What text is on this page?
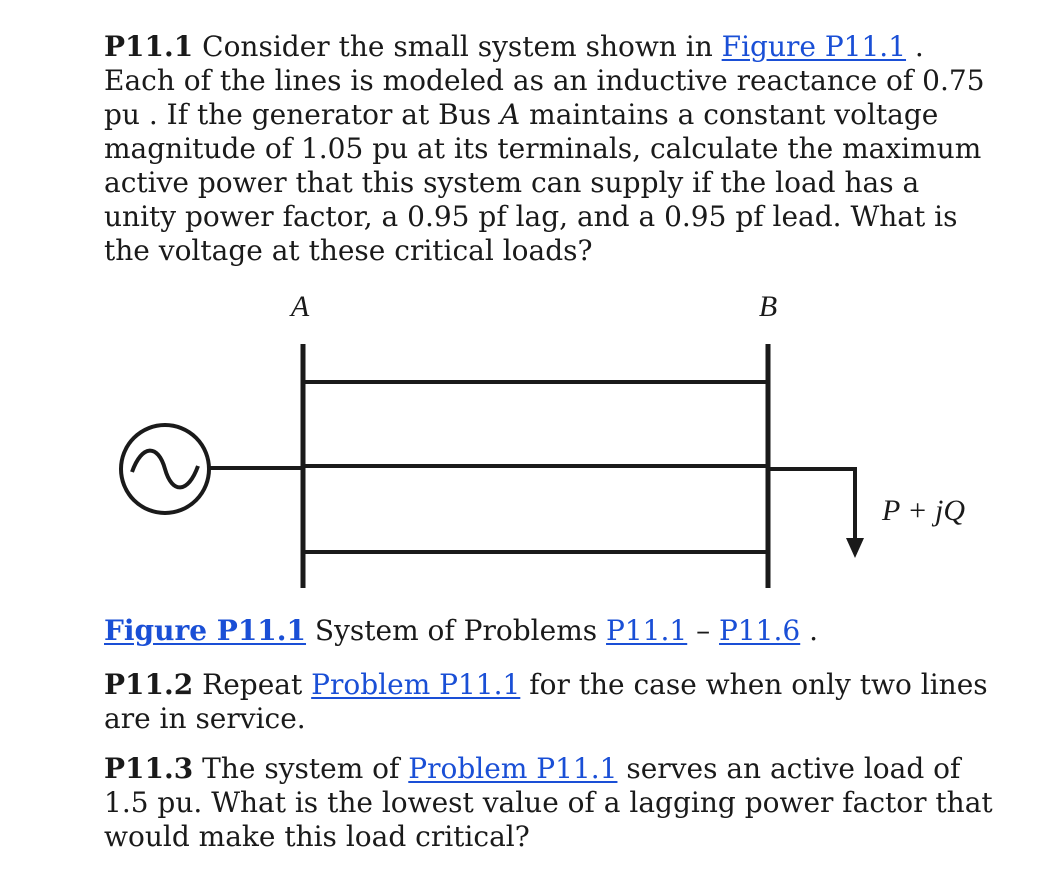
P11.1 Consider the small system shown in Figure P11.1 . Each of the lines is modeled as an inductive reactance of 0.75 pu . If the generator at Bus A maintains a constant voltage magnitude of 1.05 pu at its terminals, calculate the maximum active power that this system can supply if the load has a unity power factor, a 0.95 pf lag, and a 0.95 pf lead. What is the voltage at these critical loads?

A	B
P + jQ

Figure P11.1 System of Problems P11.1 – P11.6 .

P11.2 Repeat Problem P11.1 for the case when only two lines are in service.

P11.3 The system of Problem P11.1 serves an active load of 1.5 pu. What is the lowest value of a lagging power factor that would make this load critical?
